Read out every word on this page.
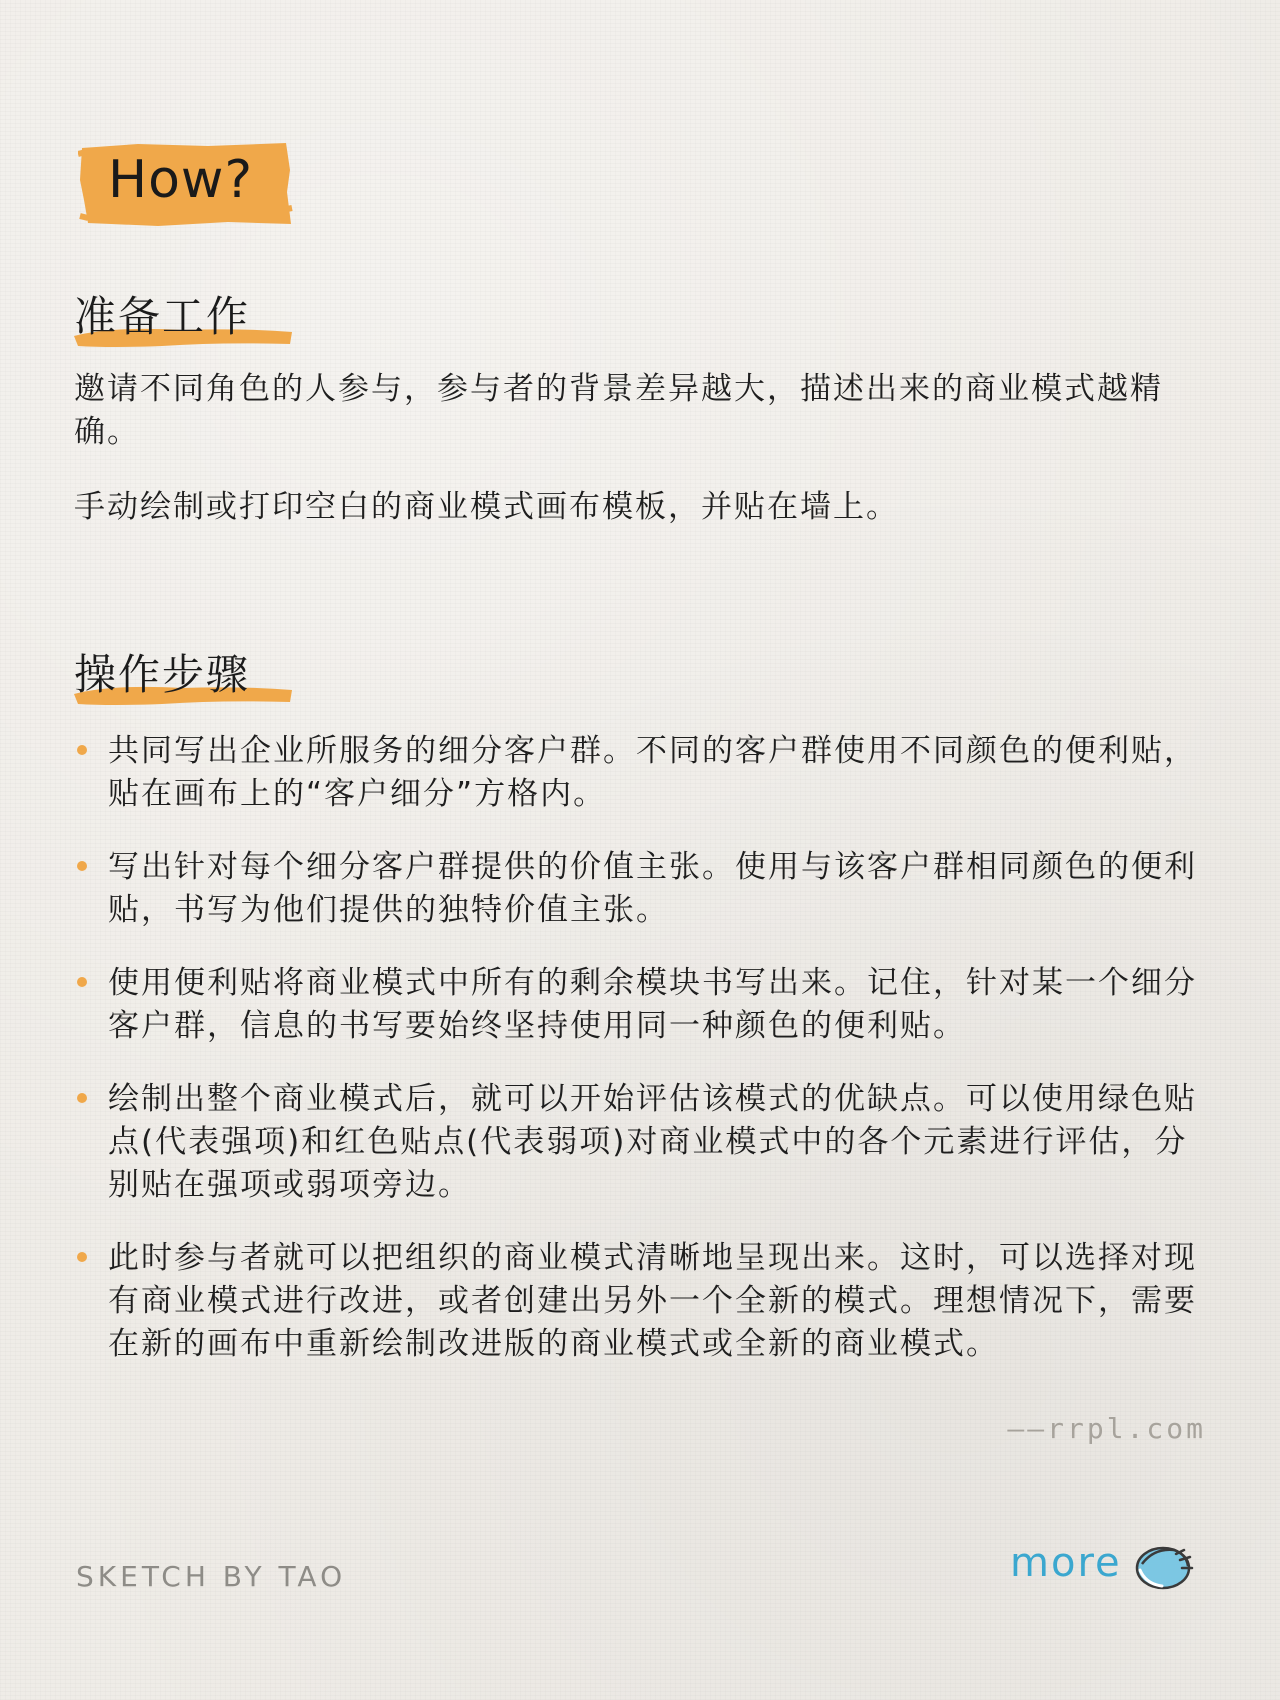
How?
准备工作

邀请不同角色的人参与，参与者的背景差异越大，描述出来的商业模式越精确。

手动绘制或打印空白的商业模式画布模板，并贴在墙上。

操作步骤
共同写出企业所服务的细分客户群。不同的客户群使用不同颜色的便利贴，贴在画布上的“客户细分”方格内。
写出针对每个细分客户群提供的价值主张。使用与该客户群相同颜色的便利贴，书写为他们提供的独特价值主张。
使用便利贴将商业模式中所有的剩余模块书写出来。记住，针对某一个细分客户群，信息的书写要始终坚持使用同一种颜色的便利贴。
绘制出整个商业模式后，就可以开始评估该模式的优缺点。可以使用绿色贴点(代表强项)和红色贴点(代表弱项)对商业模式中的各个元素进行评估，分别贴在强项或弱项旁边。
此时参与者就可以把组织的商业模式清晰地呈现出来。这时，可以选择对现有商业模式进行改进，或者创建出另外一个全新的模式。理想情况下，需要在新的画布中重新绘制改进版的商业模式或全新的商业模式。
——rrpl.com
SKETCH BY TAO	more
